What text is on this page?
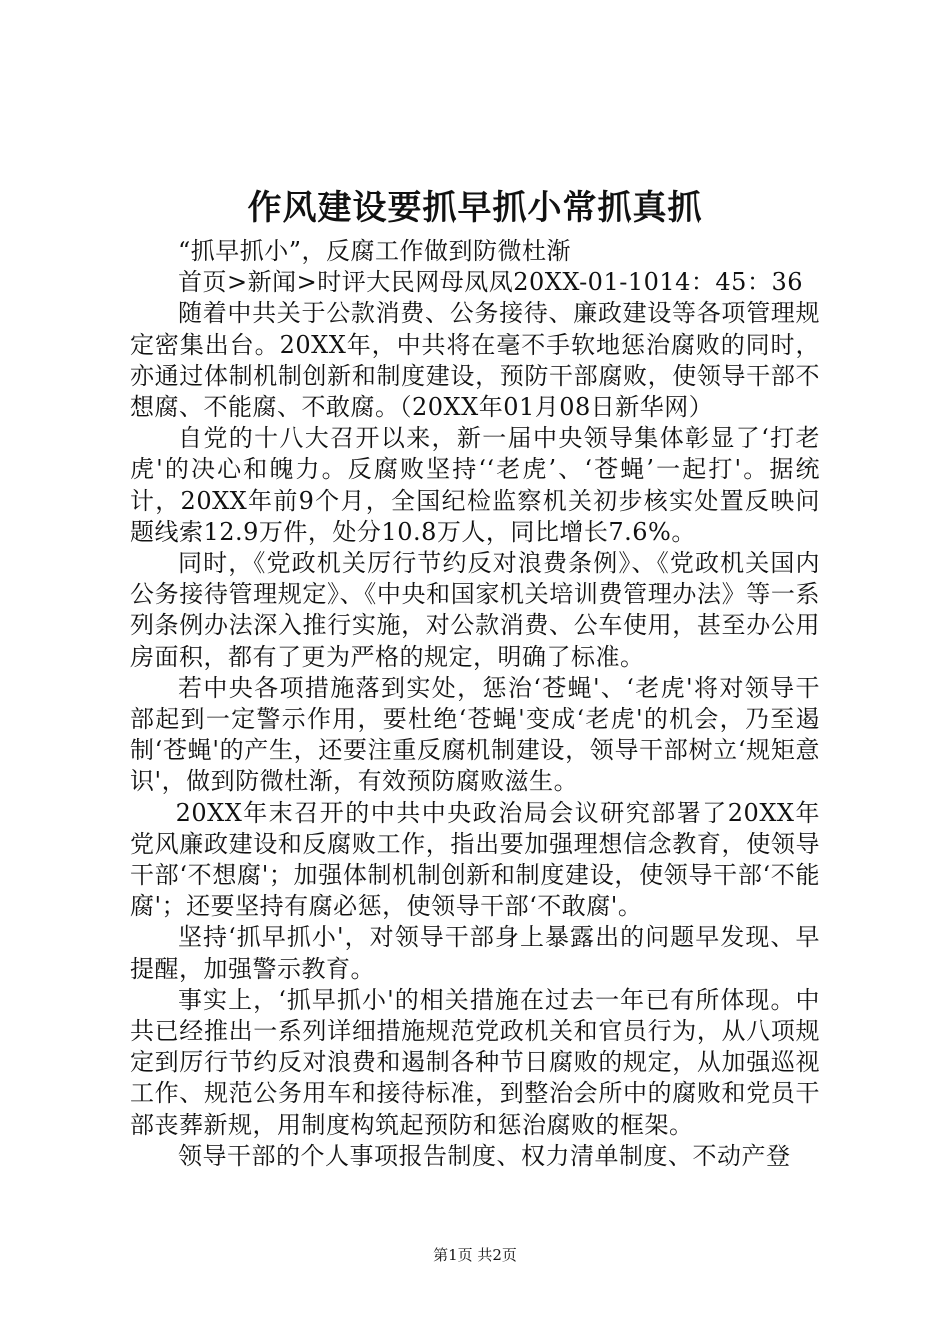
作风建设要抓早抓小常抓真抓

“抓早抓小”，反腐工作做到防微杜渐

首页>新闻>时评大民网母凤凤20XX-01-1014：45：36

随着中共关于公款消费、公务接待、廉政建设等各项管理规定密集出台。20XX年，中共将在毫不手软地惩治腐败的同时，亦通过体制机制创新和制度建设，预防干部腐败，使领导干部不想腐、不能腐、不敢腐。（20XX年01月08日新华网）

自党的十八大召开以来，新一届中央领导集体彰显了‘打老虎'的决心和魄力。反腐败坚持‘‘老虎’、‘苍蝇’一起打'。据统计，20XX年前9个月，全国纪检监察机关初步核实处置反映问题线索12.9万件，处分10.8万人，同比增长7.6%。

同时，《党政机关厉行节约反对浪费条例》、《党政机关国内公务接待管理规定》、《中央和国家机关培训费管理办法》等一系列条例办法深入推行实施，对公款消费、公车使用，甚至办公用房面积，都有了更为严格的规定，明确了标准。

若中央各项措施落到实处，惩治‘苍蝇'、‘老虎'将对领导干部起到一定警示作用，要杜绝‘苍蝇'变成‘老虎'的机会，乃至遏制‘苍蝇'的产生，还要注重反腐机制建设，领导干部树立‘规矩意识'，做到防微杜渐，有效预防腐败滋生。

20XX年末召开的中共中央政治局会议研究部署了20XX年党风廉政建设和反腐败工作，指出要加强理想信念教育，使领导干部‘不想腐'；加强体制机制创新和制度建设，使领导干部‘不能腐'；还要坚持有腐必惩，使领导干部‘不敢腐'。

坚持‘抓早抓小'，对领导干部身上暴露出的问题早发现、早提醒，加强警示教育。

事实上，‘抓早抓小'的相关措施在过去一年已有所体现。中共已经推出一系列详细措施规范党政机关和官员行为，从八项规定到厉行节约反对浪费和遏制各种节日腐败的规定，从加强巡视工作、规范公务用车和接待标准，到整治会所中的腐败和党员干部丧葬新规，用制度构筑起预防和惩治腐败的框架。

领导干部的个人事项报告制度、权力清单制度、不动产登

第1页 共2页
